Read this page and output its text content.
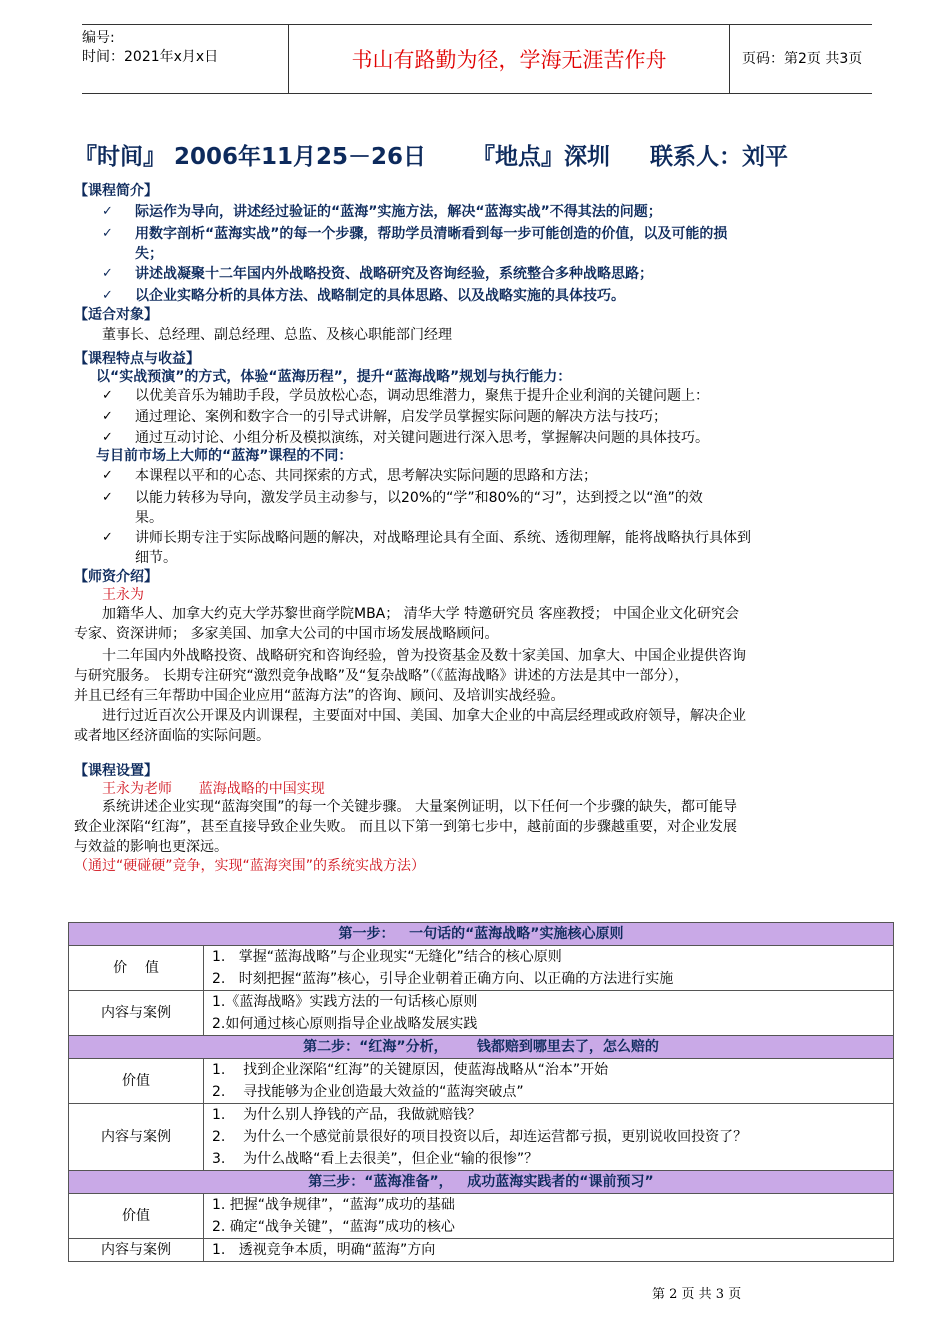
编号:
时间：2021年x月x日	书山有路勤为径，学海无涯苦作舟	页码：第2页 共3页
『时间』 2006年11月25－26日 『地点』深圳 联系人：刘平
【课程简介】
✓ 际运作为导向，讲述经过验证的“蓝海”实施方法，解决“蓝海实战”不得其法的问题；
✓ 用数字剖析“蓝海实战”的每一个步骤，帮助学员清晰看到每一步可能创造的价值，以及可能的损
失；
✓ 讲述战凝聚十二年国内外战略投资、战略研究及咨询经验，系统整合多种战略思路；
✓ 以企业实略分析的具体方法、战略制定的具体思路、以及战略实施的具体技巧。
【适合对象】
董事长、总经理、副总经理、总监、及核心职能部门经理
【课程特点与收益】
以“实战预演”的方式，体验“蓝海历程”，提升“蓝海战略”规划与执行能力：
✓ 以优美音乐为辅助手段，学员放松心态，调动思维潜力，聚焦于提升企业利润的关键问题上：
✓ 通过理论、案例和数字合一的引导式讲解，启发学员掌握实际问题的解决方法与技巧；
✓ 通过互动讨论、小组分析及模拟演练，对关键问题进行深入思考，掌握解决问题的具体技巧。
与目前市场上大师的“蓝海”课程的不同：
✓ 本课程以平和的心态、共同探索的方式，思考解决实际问题的思路和方法；
✓ 以能力转移为导向，激发学员主动参与，以20%的“学”和80%的“习”，达到授之以“渔”的效
果。
✓ 讲师长期专注于实际战略问题的解决，对战略理论具有全面、系统、透彻理解，能将战略执行具体到
细节。
【师资介绍】
王永为
加籍华人、加拿大约克大学苏黎世商学院MBA； 清华大学 特邀研究员 客座教授； 中国企业文化研究会
专家、资深讲师； 多家美国、加拿大公司的中国市场发展战略顾问。
十二年国内外战略投资、战略研究和咨询经验，曾为投资基金及数十家美国、加拿大、中国企业提供咨询
与研究服务。 长期专注研究“激烈竞争战略”及“复杂战略”（《蓝海战略》讲述的方法是其中一部分），
并且已经有三年帮助中国企业应用“蓝海方法”的咨询、顾问、及培训实战经验。
进行过近百次公开课及内训课程，主要面对中国、美国、加拿大企业的中高层经理或政府领导，解决企业
或者地区经济面临的实际问题。
【课程设置】
王永为老师      蓝海战略的中国实现
系统讲述企业实现“蓝海突围”的每一个关键步骤。 大量案例证明，以下任何一个步骤的缺失，都可能导
致企业深陷“红海”，甚至直接导致企业失败。 而且以下第一到第七步中，越前面的步骤越重要，对企业发展
与效益的影响也更深远。
（通过“硬碰硬”竞争，实现“蓝海突围”的系统实战方法）
第一步：   一句话的“蓝海战略”实施核心原则	
价    值	1.   掌握“蓝海战略”与企业现实“无缝化”结合的核心原则
	2.   时刻把握“蓝海”核心，引导企业朝着正确方向、以正确的方法进行实施
内容与案例	1.《蓝海战略》实践方法的一句话核心原则
	2.如何通过核心原则指导企业战略发展实践
第二步：“红海”分析，      钱都赔到哪里去了，怎么赔的	
价值	1.    找到企业深陷“红海”的关键原因，使蓝海战略从“治本”开始
	2.    寻找能够为企业创造最大效益的“蓝海突破点”
内容与案例	1.    为什么别人挣钱的产品，我做就赔钱？
	2.    为什么一个感觉前景很好的项目投资以后，却连运营都亏损，更别说收回投资了？
	3.    为什么战略“看上去很美”，但企业“输的很惨”？
第三步：“蓝海准备”，   成功蓝海实践者的“课前预习”	
价值	1. 把握“战争规律”，“蓝海”成功的基础
	2. 确定“战争关键”，“蓝海”成功的核心
内容与案例	1.   透视竞争本质，明确“蓝海”方向
第 2 页 共 3 页
